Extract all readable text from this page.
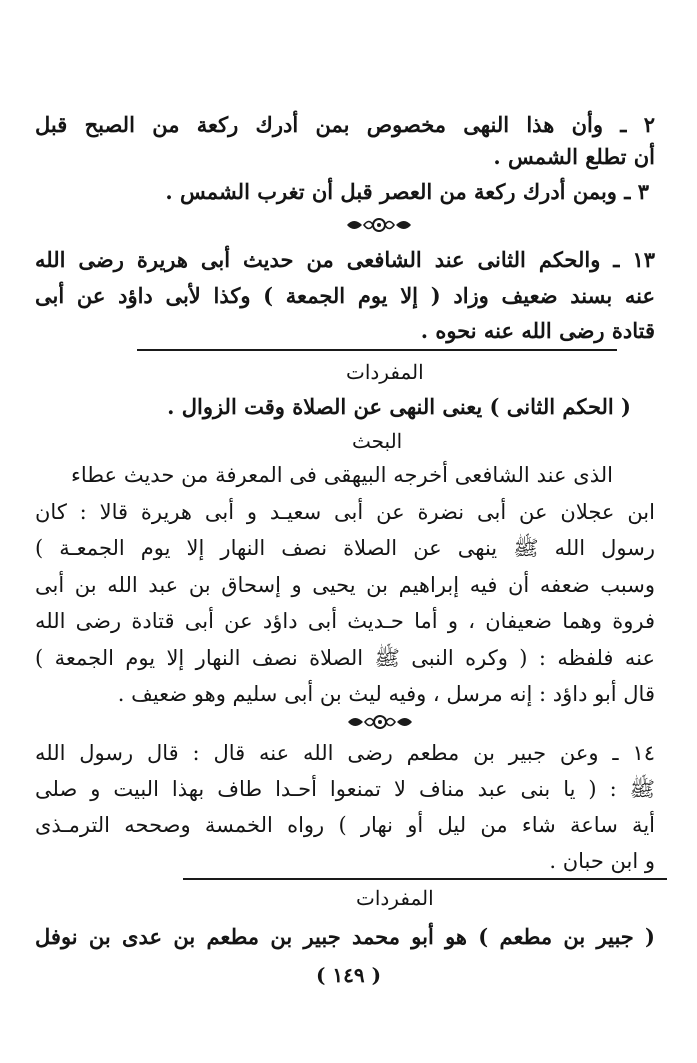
٢ ـ وأن هذا النهى مخصوص بمن أدرك ركعة من الصبح قبل
أن تطلع الشمس .
٣ ـ وبمن أدرك ركعة من العصر قبل أن تغرب الشمس .
١٣ ـ والحكم الثانى عند الشافعى من حديث أبى هريرة رضى الله
عنه بسند ضعيف وزاد ( إلا يوم الجمعة ) وكذا لأبى داؤد عن أبى
قتادة رضى الله عنه نحوه .
المفردات
( الحكم الثانى ) يعنى النهى عن الصلاة وقت الزوال .
البحث
الذى عند الشافعى أخرجه البيهقى فى المعرفة من حديث عطاء
ابن عجلان عن أبى نضرة عن أبى سعيـد و أبى هريرة قالا : كان
رسول الله ﷺ ينهى عن الصلاة نصف النهار إلا يوم الجمعـة )
وسبب ضعفه أن فيه إبراهيم بن يحيى و إسحاق بن عبد الله بن أبى
فروة وهما ضعيفان ، و أما حـديث أبى داؤد عن أبى قتادة رضى الله
عنه فلفظه : ( وكره النبى ﷺ الصلاة نصف النهار إلا يوم الجمعة )
قال أبو داؤد : إنه مرسل ، وفيه ليث بن أبى سليم وهو ضعيف .
١٤ ـ وعن جبير بن مطعم رضى الله عنه قال : قال رسول الله
ﷺ : ( يا بنى عبد مناف لا تمنعوا أحـدا طاف بهذا البيت و صلى
أية ساعة شاء من ليل أو نهار ) رواه الخمسة وصححه الترمـذى
و ابن حبان .
المفردات
( جبير بن مطعم ) هو أبو محمد جبير بن مطعم بن عدى بن نوفل
( ١٤٩ )
